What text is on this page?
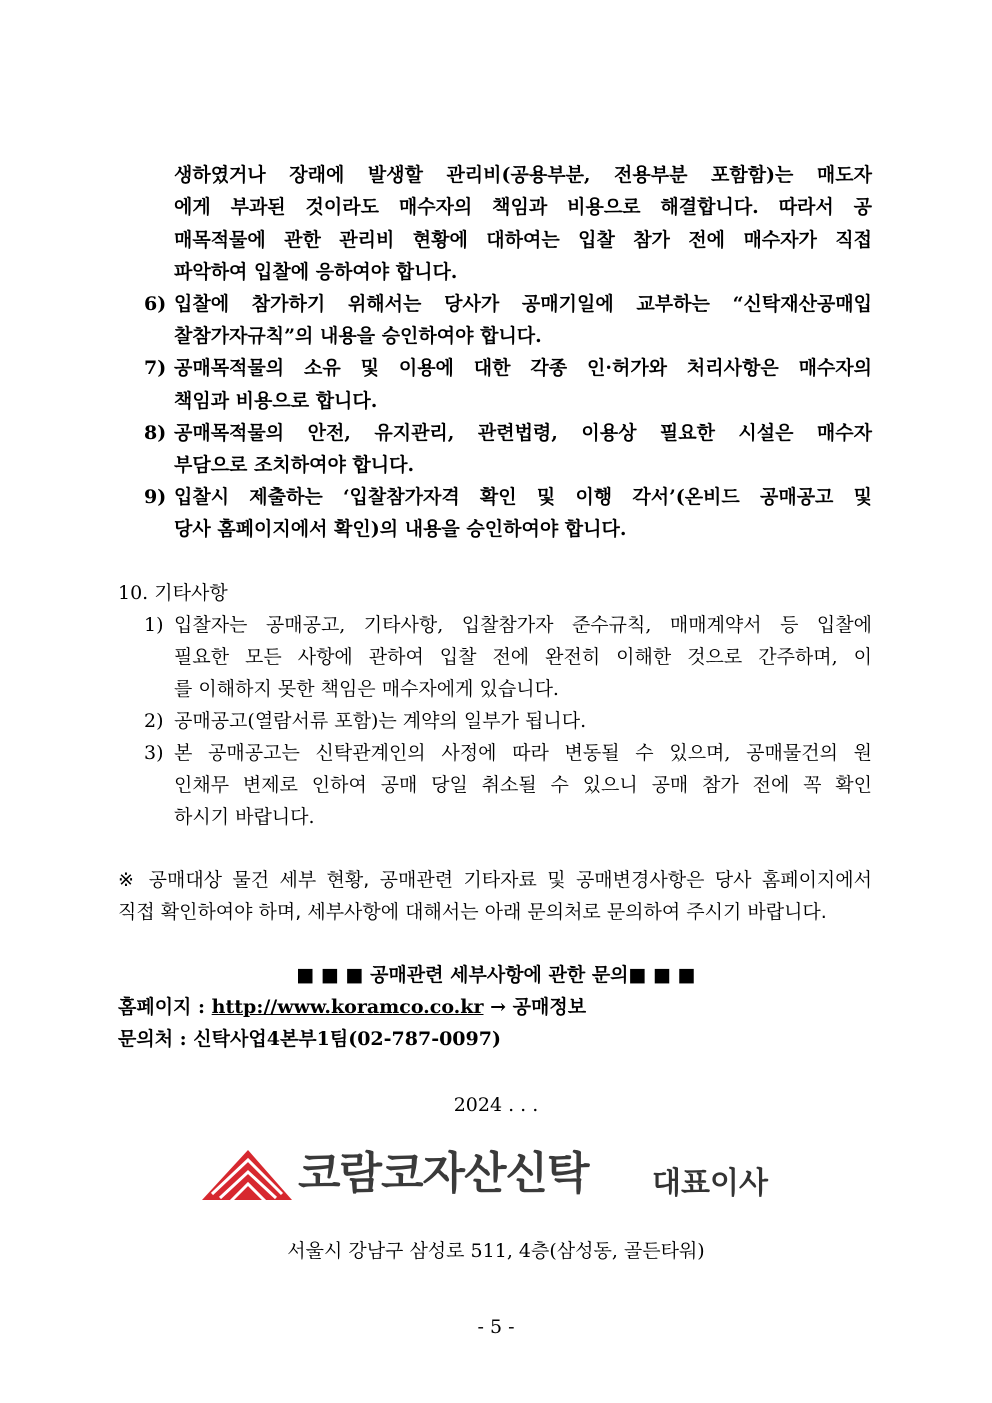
생하였거나 장래에 발생할 관리비(공용부분, 전용부분 포함함)는 매도자
에게 부과된 것이라도 매수자의 책임과 비용으로 해결합니다. 따라서 공
매목적물에 관한 관리비 현황에 대하여는 입찰 참가 전에 매수자가 직접
파악하여 입찰에 응하여야 합니다.
6) 입찰에 참가하기 위해서는 당사가 공매기일에 교부하는 “신탁재산공매입
찰참가자규칙”의 내용을 승인하여야 합니다.
7) 공매목적물의 소유 및 이용에 대한 각종 인·허가와 처리사항은 매수자의
책임과 비용으로 합니다.
8) 공매목적물의 안전, 유지관리, 관련법령, 이용상 필요한 시설은 매수자
부담으로 조치하여야 합니다.
9) 입찰시 제출하는 ‘입찰참가자격 확인 및 이행 각서’(온비드 공매공고 및
당사 홈페이지에서 확인)의 내용을 승인하여야 합니다.
10. 기타사항
1) 입찰자는 공매공고, 기타사항, 입찰참가자 준수규칙, 매매계약서 등 입찰에
필요한 모든 사항에 관하여 입찰 전에 완전히 이해한 것으로 간주하며, 이
를 이해하지 못한 책임은 매수자에게 있습니다.
2) 공매공고(열람서류 포함)는 계약의 일부가 됩니다.
3) 본 공매공고는 신탁관계인의 사정에 따라 변동될 수 있으며, 공매물건의 원
인채무 변제로 인하여 공매 당일 취소될 수 있으니 공매 참가 전에 꼭 확인
하시기 바랍니다.
※ 공매대상 물건 세부 현황, 공매관련 기타자료 및 공매변경사항은 당사 홈페이지에서
직접 확인하여야 하며, 세부사항에 대해서는 아래 문의처로 문의하여 주시기 바랍니다.
■ ■ ■ 공매관련 세부사항에 관한 문의■ ■ ■
홈페이지 : http://www.koramco.co.kr → 공매정보
문의처 : 신탁사업4본부1팀(02-787-0097)
2024 . . .
코람코자산신탁 대표이사
서울시 강남구 삼성로 511, 4층(삼성동, 골든타워)
- 5 -
